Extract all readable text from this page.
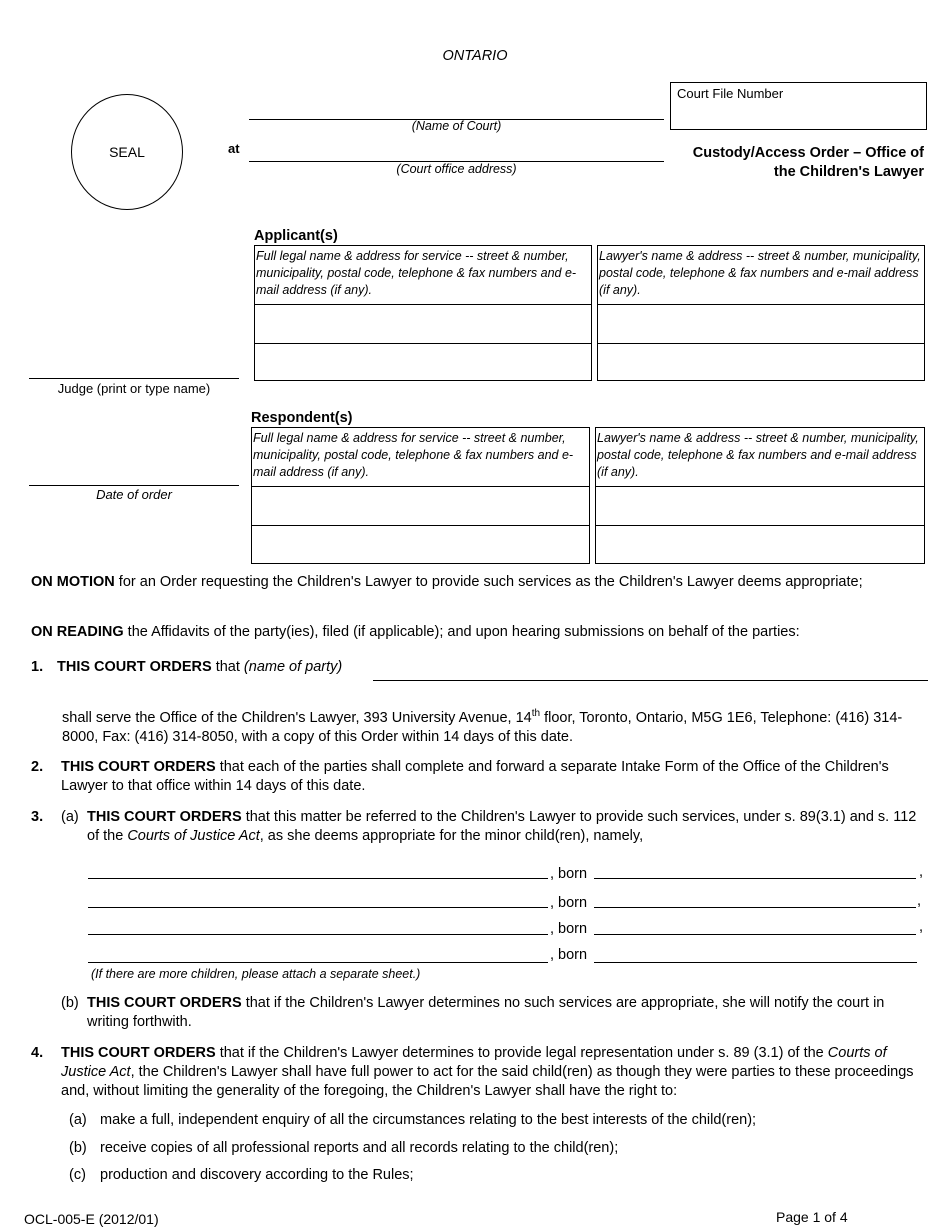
ONTARIO
SEAL	at
(Name of Court)
(Court office address)
Court File Number
Custody/Access Order – Office of
the Children's Lawyer
Judge (print or type name)
Date of order
Applicant(s)
Full legal name & address for service -- street & number, municipality, postal code, telephone & fax numbers and e-mail address (if any).
Lawyer's name & address -- street & number, municipality, postal code, telephone & fax numbers and e-mail address (if any).
Respondent(s)
Full legal name & address for service -- street & number, municipality, postal code, telephone & fax numbers and e-mail address (if any).
Lawyer's name & address -- street & number, municipality, postal code, telephone & fax numbers and e-mail address (if any).
ON MOTION for an Order requesting the Children's Lawyer to provide such services as the Children's Lawyer deems appropriate;
ON READING the Affidavits of the party(ies), filed (if applicable); and upon hearing submissions on behalf of the parties:
1. THIS COURT ORDERS that (name of party)
shall serve the Office of the Children's Lawyer, 393 University Avenue, 14th floor, Toronto, Ontario, M5G 1E6, Telephone: (416) 314-8000, Fax: (416) 314-8050, with a copy of this Order within 14 days of this date.
2. THIS COURT ORDERS that each of the parties shall complete and forward a separate Intake Form of the Office of the Children's Lawyer to that office within 14 days of this date.
3. (a) THIS COURT ORDERS that this matter be referred to the Children's Lawyer to provide such services, under s. 89(3.1) and s. 112 of the Courts of Justice Act, as she deems appropriate for the minor child(ren), namely,
, born	,
, born	,
, born	,
, born
(If there are more children, please attach a separate sheet.)
(b) THIS COURT ORDERS that if the Children's Lawyer determines no such services are appropriate, she will notify the court in writing forthwith.
4. THIS COURT ORDERS that if the Children's Lawyer determines to provide legal representation under s. 89 (3.1) of the Courts of Justice Act, the Children's Lawyer shall have full power to act for the said child(ren) as though they were parties to these proceedings and, without limiting the generality of the foregoing, the Children's Lawyer shall have the right to:
(a) make a full, independent enquiry of all the circumstances relating to the best interests of the child(ren);
(b) receive copies of all professional reports and all records relating to the child(ren);
(c) production and discovery according to the Rules;
OCL-005-E (2012/01)	Page 1 of 4
